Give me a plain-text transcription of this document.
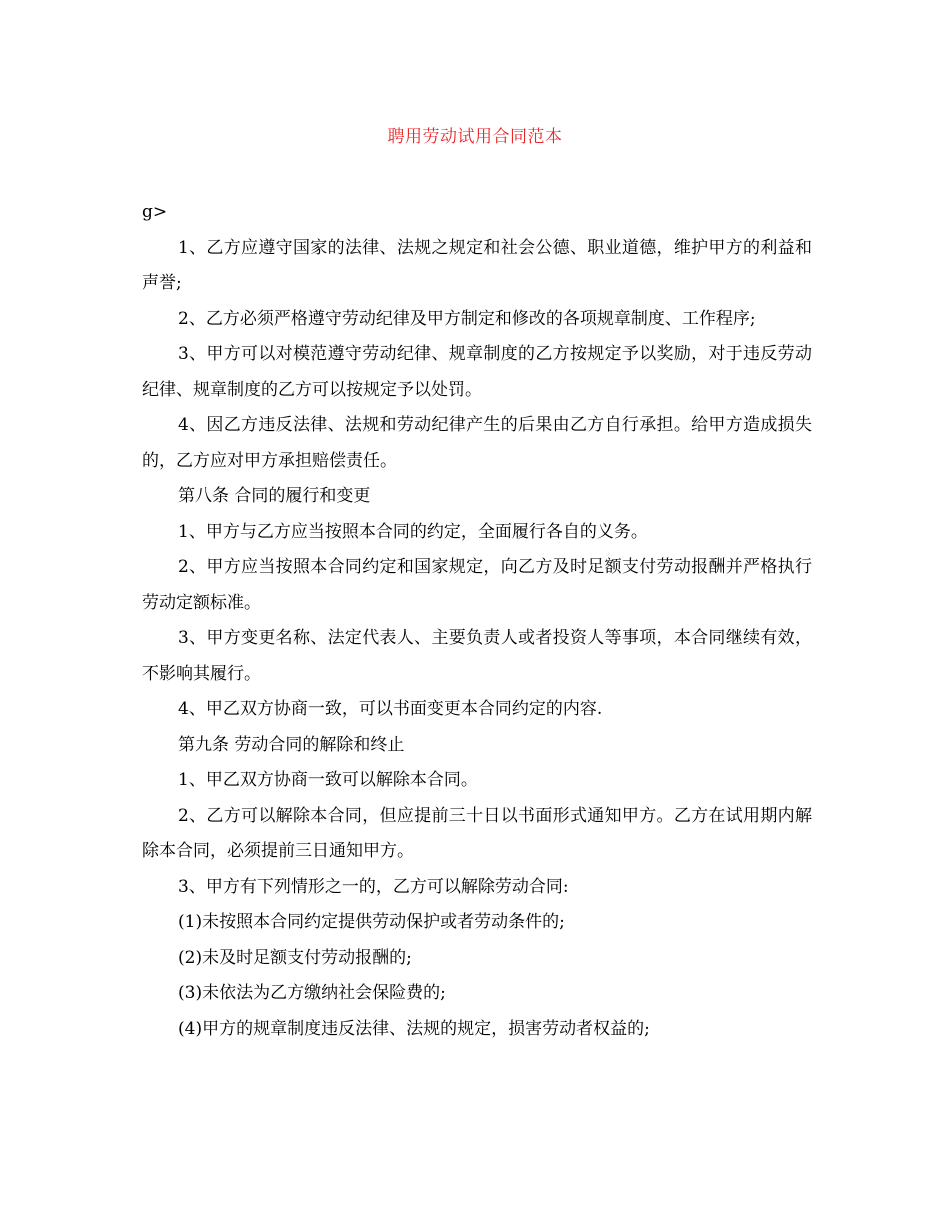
聘用劳动试用合同范本

g>

1、乙方应遵守国家的法律、法规之规定和社会公德、职业道德，维护甲方的利益和声誉;

2、乙方必须严格遵守劳动纪律及甲方制定和修改的各项规章制度、工作程序;

3、甲方可以对模范遵守劳动纪律、规章制度的乙方按规定予以奖励，对于违反劳动纪律、规章制度的乙方可以按规定予以处罚。

4、因乙方违反法律、法规和劳动纪律产生的后果由乙方自行承担。给甲方造成损失的，乙方应对甲方承担赔偿责任。

第八条 合同的履行和变更

1、甲方与乙方应当按照本合同的约定，全面履行各自的义务。

2、甲方应当按照本合同约定和国家规定，向乙方及时足额支付劳动报酬并严格执行劳动定额标准。

3、甲方变更名称、法定代表人、主要负责人或者投资人等事项，本合同继续有效，不影响其履行。

4、甲乙双方协商一致，可以书面变更本合同约定的内容.

第九条 劳动合同的解除和终止

1、甲乙双方协商一致可以解除本合同。

2、乙方可以解除本合同，但应提前三十日以书面形式通知甲方。乙方在试用期内解除本合同，必须提前三日通知甲方。

3、甲方有下列情形之一的，乙方可以解除劳动合同:

(1)未按照本合同约定提供劳动保护或者劳动条件的;

(2)未及时足额支付劳动报酬的;

(3)未依法为乙方缴纳社会保险费的;

(4)甲方的规章制度违反法律、法规的规定，损害劳动者权益的;
